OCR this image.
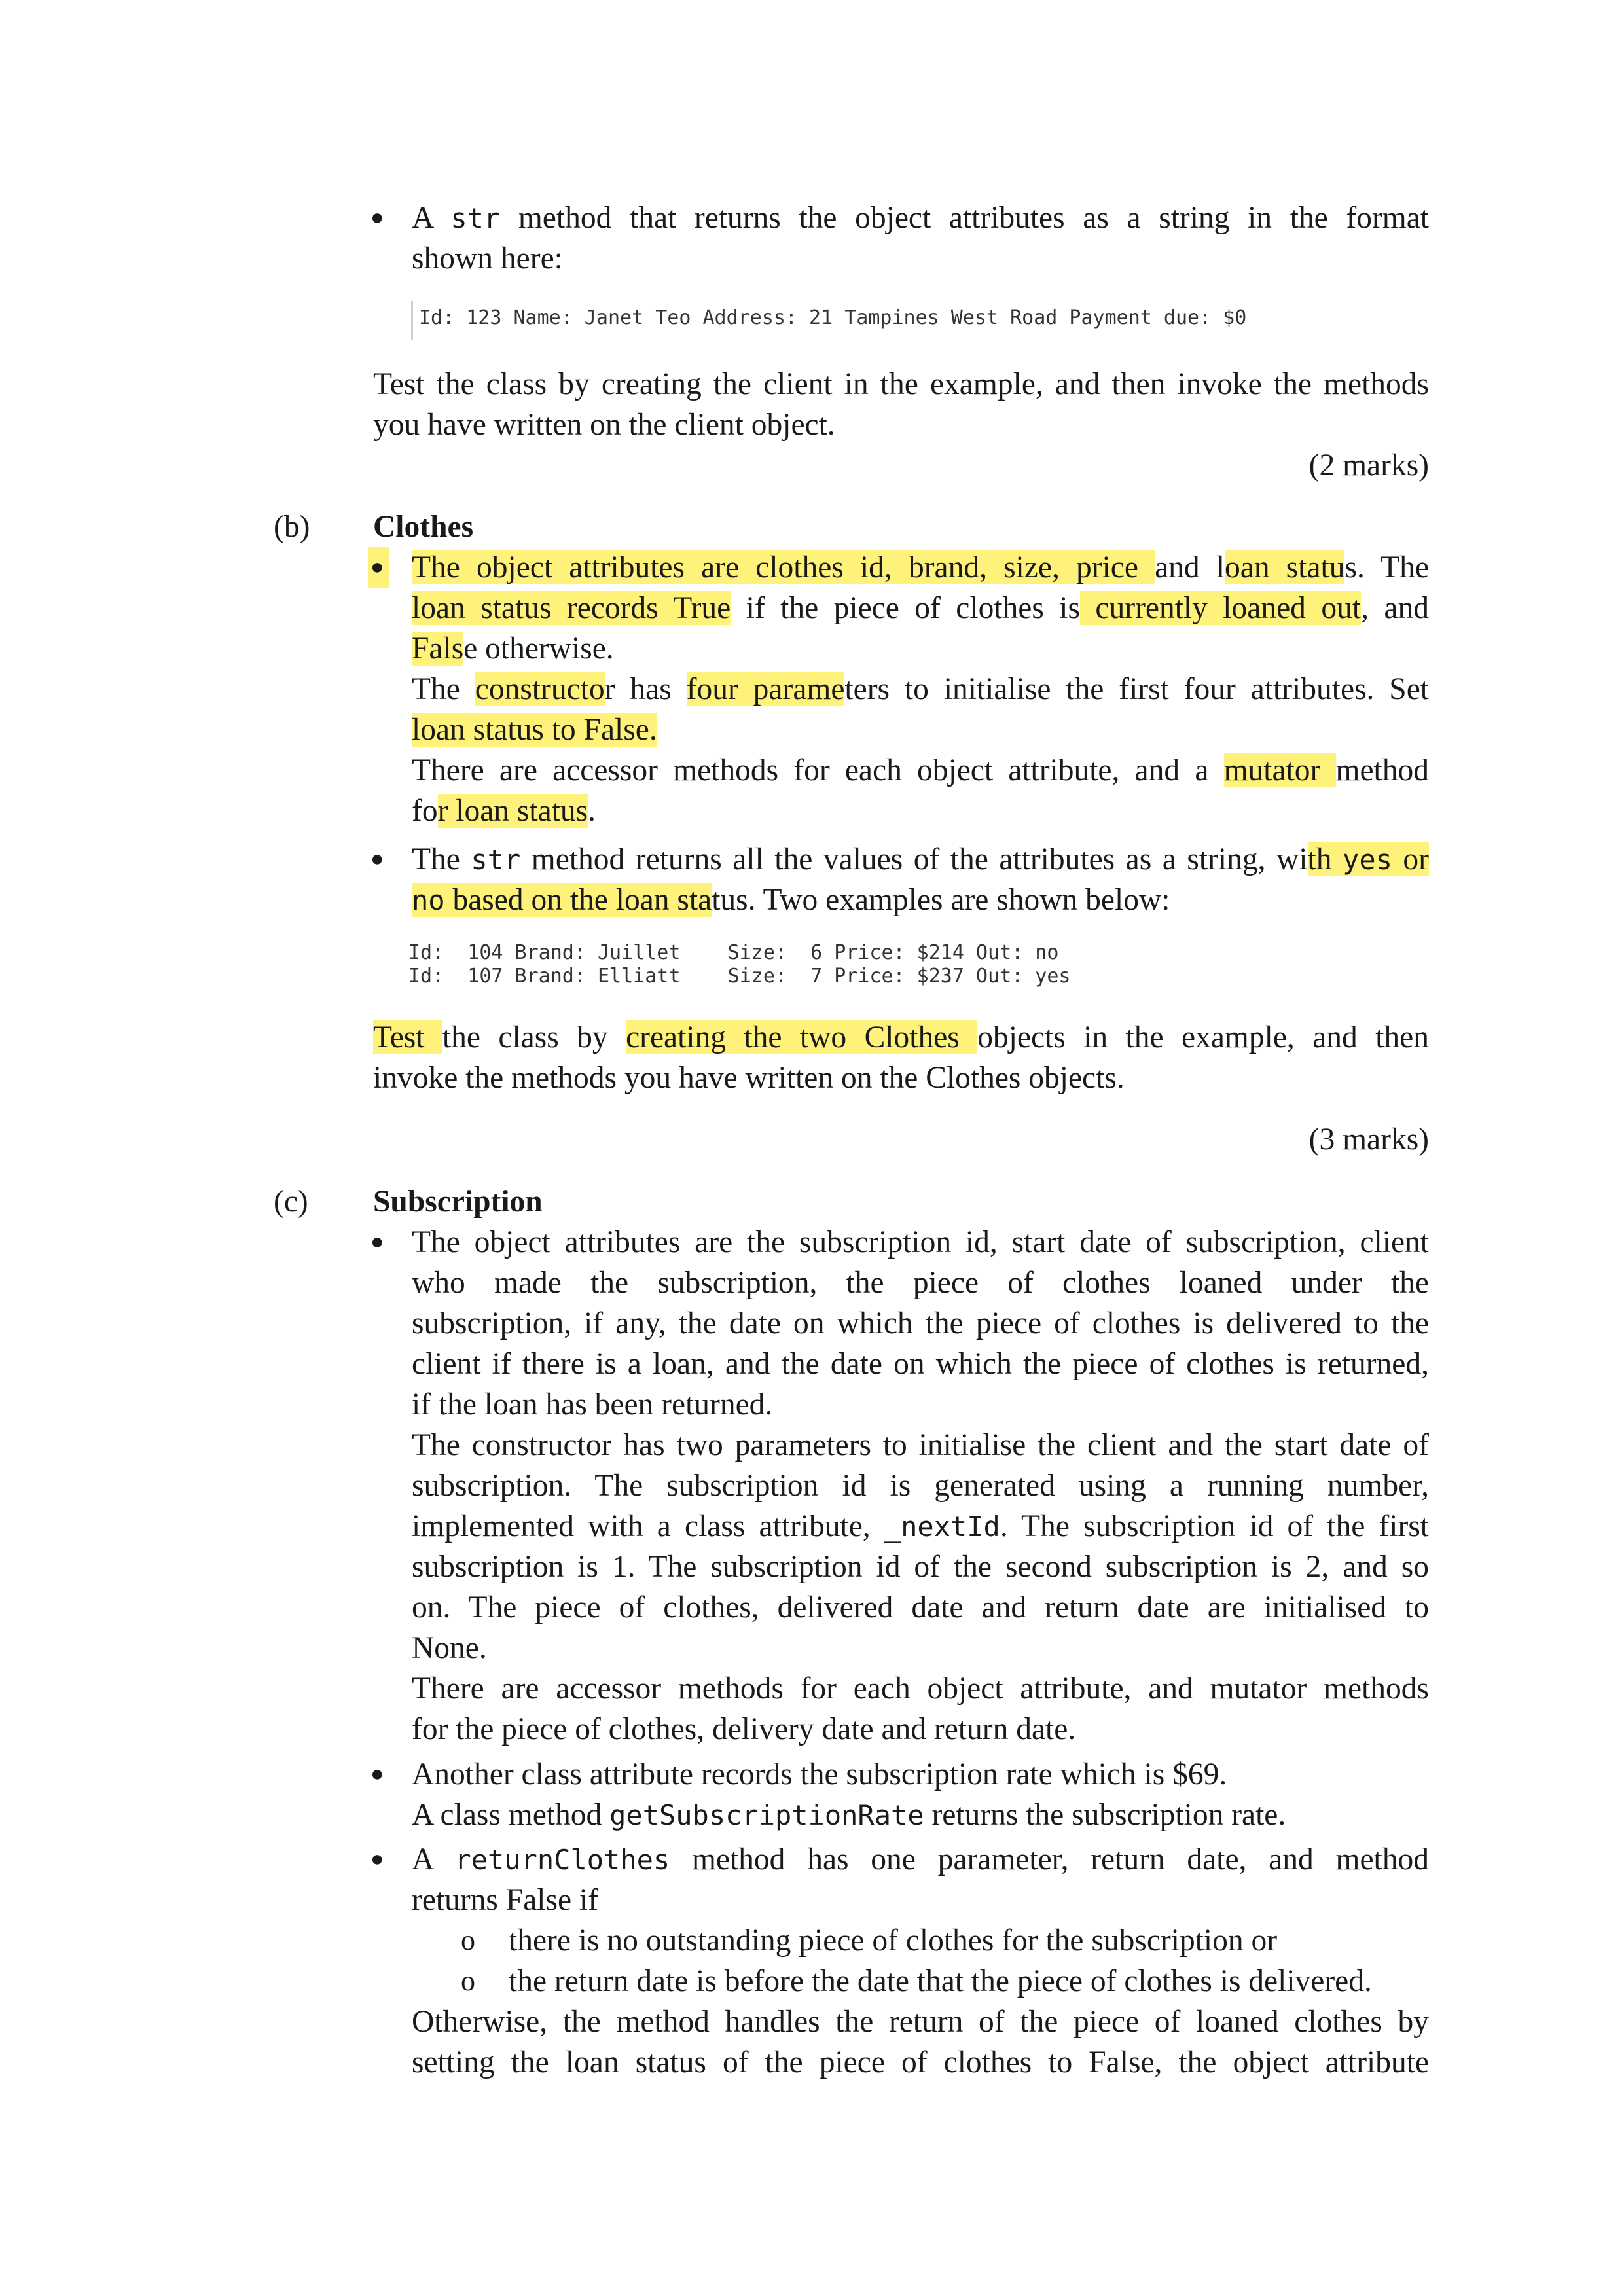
● A str method that returns the object attributes as a string in the format
shown here:
Id: 123 Name: Janet Teo Address: 21 Tampines West Road Payment due: $0
Test the class by creating the client in the example, and then invoke the methods
you have written on the client object.
(2 marks)
(b) Clothes
● The object attributes are clothes id, brand, size, price and loan status. The
loan status records True if the piece of clothes is currently loaned out, and
False otherwise.
The constructor has four parameters to initialise the first four attributes. Set
loan status to False.
There are accessor methods for each object attribute, and a mutator method
for loan status.
● The str method returns all the values of the attributes as a string, with yes or
no based on the loan status. Two examples are shown below:
Id:  104 Brand: Juillet    Size:  6 Price: $214 Out: no
Id:  107 Brand: Elliatt    Size:  7 Price: $237 Out: yes
Test the class by creating the two Clothes objects in the example, and then
invoke the methods you have written on the Clothes objects.
(3 marks)
(c) Subscription
● The object attributes are the subscription id, start date of subscription, client
who made the subscription, the piece of clothes loaned under the
subscription, if any, the date on which the piece of clothes is delivered to the
client if there is a loan, and the date on which the piece of clothes is returned,
if the loan has been returned.
The constructor has two parameters to initialise the client and the start date of
subscription. The subscription id is generated using a running number,
implemented with a class attribute, _nextId. The subscription id of the first
subscription is 1. The subscription id of the second subscription is 2, and so
on. The piece of clothes, delivered date and return date are initialised to
None.
There are accessor methods for each object attribute, and mutator methods
for the piece of clothes, delivery date and return date.
● Another class attribute records the subscription rate which is $69.
A class method getSubscriptionRate returns the subscription rate.
● A returnClothes method has one parameter, return date, and method
returns False if
o there is no outstanding piece of clothes for the subscription or
o the return date is before the date that the piece of clothes is delivered.
Otherwise, the method handles the return of the piece of loaned clothes by
setting the loan status of the piece of clothes to False, the object attribute
